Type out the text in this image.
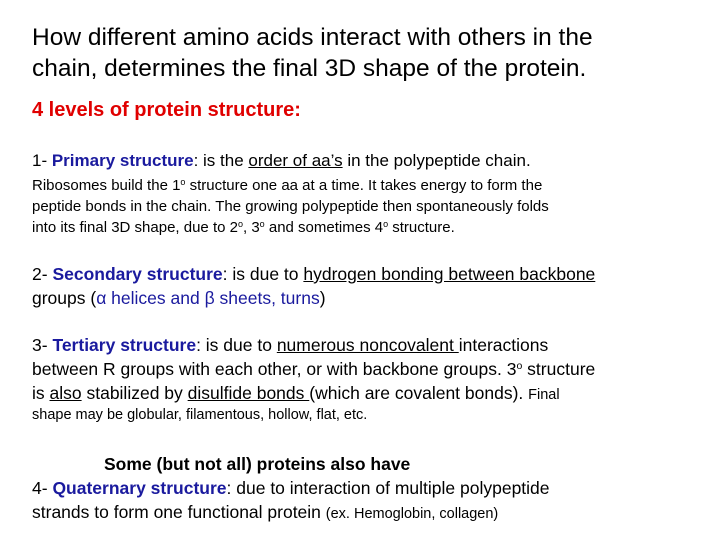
How different amino acids interact with others in the
chain, determines the final 3D shape of the protein.
4 levels of protein structure:
1- Primary structure: is the order of aa’s in the polypeptide chain.
Ribosomes build the 1$^o$ structure one aa at a time. It takes energy to form the
peptide bonds in the chain. The growing polypeptide then spontaneously folds
into its final 3D shape, due to 2$^o$, 3$^o$ and sometimes 4$^o$ structure.
2- Secondary structure: is due to hydrogen bonding between backbone
groups (α helices and β sheets, turns)
3- Tertiary structure: is due to numerous noncovalent interactions
between R groups with each other, or with backbone groups. 3$^o$ structure
is also stabilized by disulfide bonds (which are covalent bonds). Final
shape may be globular, filamentous, hollow, flat, etc.
Some (but not all) proteins also have
4- Quaternary structure: due to interaction of multiple polypeptide
strands to form one functional protein (ex. Hemoglobin, collagen)
